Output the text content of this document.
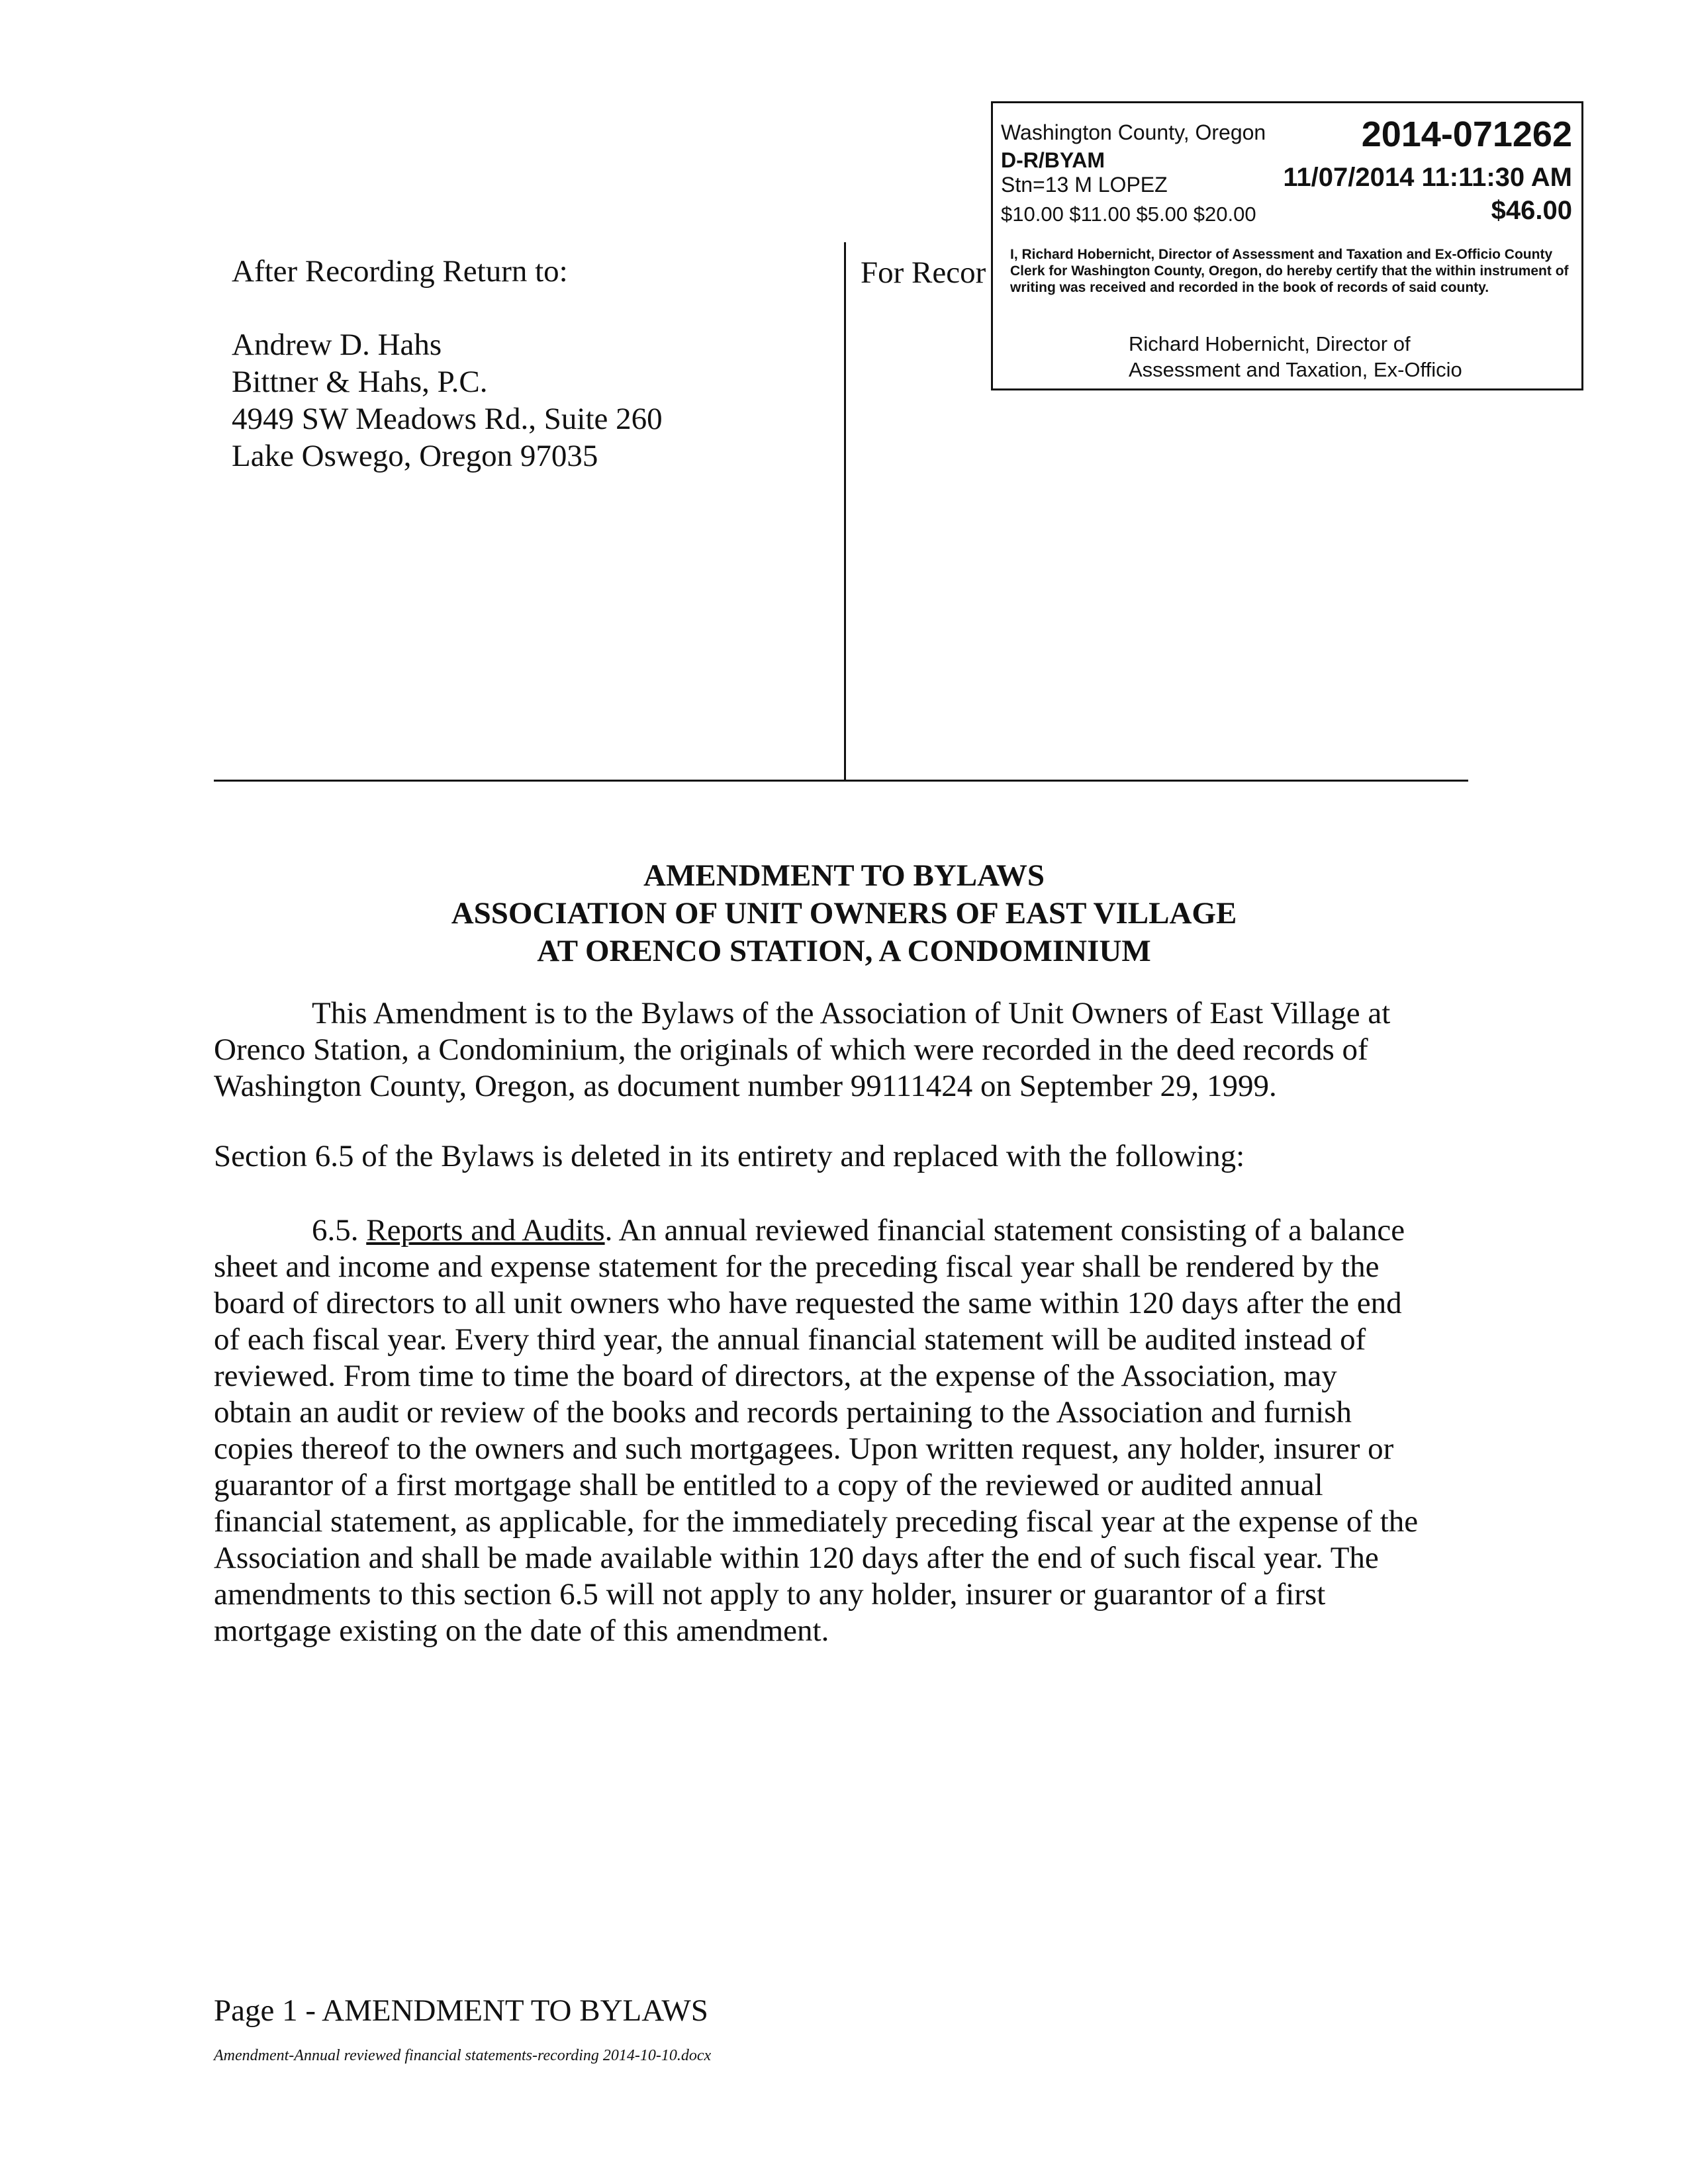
After Recording Return to:
Andrew D. Hahs
Bittner & Hahs, P.C.
4949 SW Meadows Rd., Suite 260
Lake Oswego, Oregon 97035
For Recor
Washington County, Oregon	2014-071262
D-R/BYAM
Stn=13 M LOPEZ	11/07/2014 11:11:30 AM
$10.00 $11.00 $5.00 $20.00	$46.00
I, Richard Hobernicht, Director of Assessment and Taxation and Ex-Officio County Clerk for Washington County, Oregon, do hereby certify that the within instrument of writing was received and recorded in the book of records of said county.
Richard Hobernicht, Director of
Assessment and Taxation, Ex-Officio
AMENDMENT TO BYLAWS
ASSOCIATION OF UNIT OWNERS OF EAST VILLAGE
AT ORENCO STATION, A CONDOMINIUM
This Amendment is to the Bylaws of the Association of Unit Owners of East Village at
Orenco Station, a Condominium, the originals of which were recorded in the deed records of
Washington County, Oregon, as document number 99111424 on September 29, 1999.
Section 6.5 of the Bylaws is deleted in its entirety and replaced with the following:
6.5. Reports and Audits. An annual reviewed financial statement consisting of a balance
sheet and income and expense statement for the preceding fiscal year shall be rendered by the
board of directors to all unit owners who have requested the same within 120 days after the end
of each fiscal year. Every third year, the annual financial statement will be audited instead of
reviewed. From time to time the board of directors, at the expense of the Association, may
obtain an audit or review of the books and records pertaining to the Association and furnish
copies thereof to the owners and such mortgagees. Upon written request, any holder, insurer or
guarantor of a first mortgage shall be entitled to a copy of the reviewed or audited annual
financial statement, as applicable, for the immediately preceding fiscal year at the expense of the
Association and shall be made available within 120 days after the end of such fiscal year. The
amendments to this section 6.5 will not apply to any holder, insurer or guarantor of a first
mortgage existing on the date of this amendment.
Page 1 - AMENDMENT TO BYLAWS
Amendment-Annual reviewed financial statements-recording 2014-10-10.docx
